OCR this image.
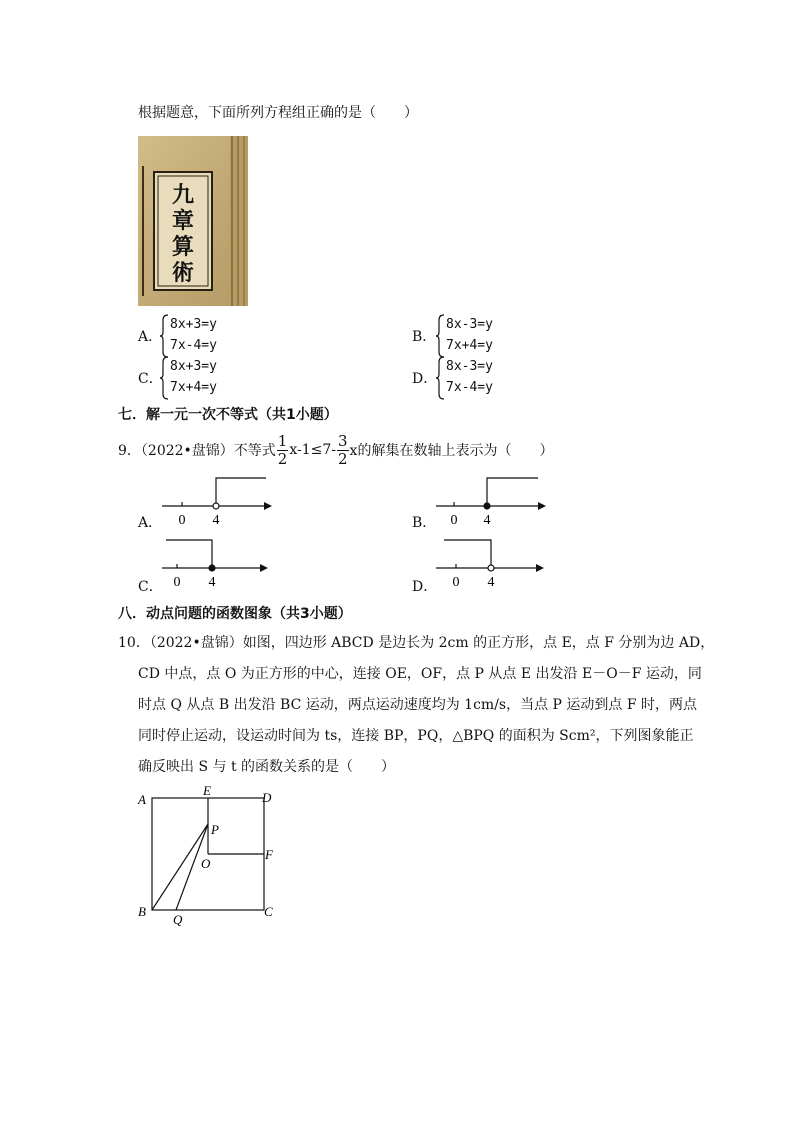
根据题意，下面所列方程组正确的是（　　）
九
章
算
術
A．
8x+3=y
7x-4=y
B．
8x-3=y
7x+4=y
C．
8x+3=y
7x+4=y
D．
8x-3=y
7x-4=y
七．解一元一次不等式（共1小题）
9．（2022•盘锦）不等式 $\frac{1}{2} x-1\le 7- \frac{3}{2}$ x的解集在数轴上表示为（　　）
A． 0 4	B． 0 4
C． 0 4	D． 0 4
八．动点问题的函数图象（共3小题）
10．（2022•盘锦）如图，四边形 ABCD 是边长为 2cm 的正方形，点 E，点 F 分别为边 AD，
CD 中点，点 O 为正方形的中心，连接 OE，OF，点 P 从点 E 出发沿 E－O－F 运动，同
时点 Q 从点 B 出发沿 BC 运动，两点运动速度均为 1cm/s，当点 P 运动到点 F 时，两点
同时停止运动，设运动时间为 ts，连接 BP，PQ，△BPQ 的面积为 Scm²，下列图象能正
确反映出 S 与 t 的函数关系的是（　　）
A
B	C
D
E
F
O
P
Q
